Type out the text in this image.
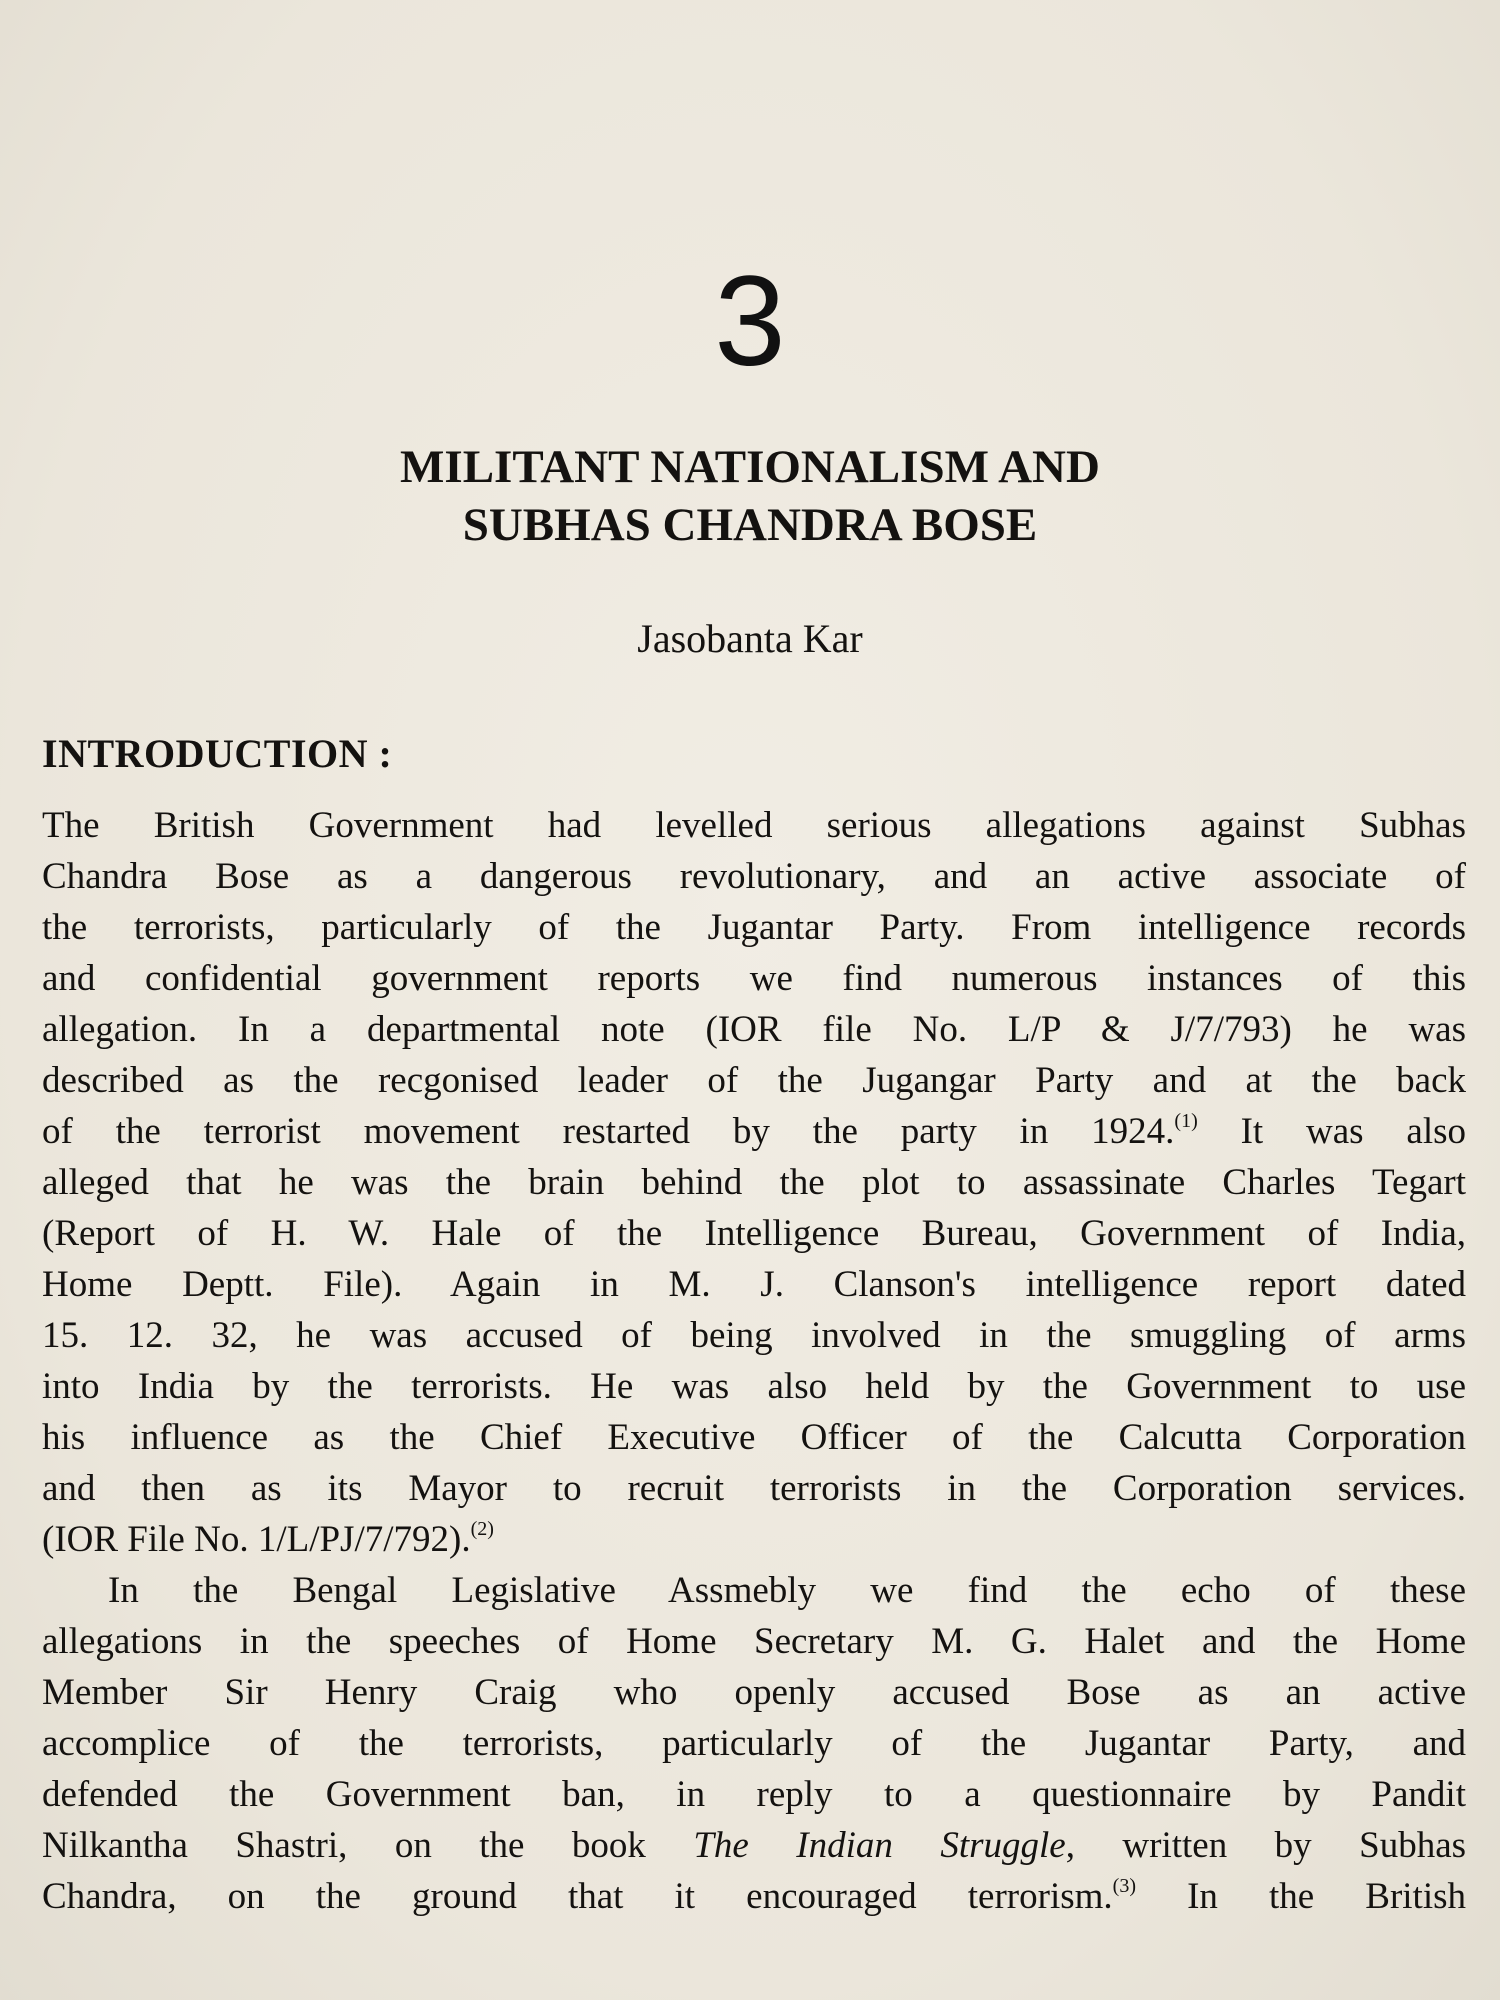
3
MILITANT NATIONALISM AND
SUBHAS CHANDRA BOSE
Jasobanta Kar
INTRODUCTION :
The British Government had levelled serious allegations against Subhas
Chandra Bose as a dangerous revolutionary, and an active associate of
the terrorists, particularly of the Jugantar Party. From intelligence records
and confidential government reports we find numerous instances of this
allegation. In a departmental note (IOR file No. L/P & J/7/793) he was
described as the recgonised leader of the Jugangar Party and at the back
of the terrorist movement restarted by the party in 1924.$^{(1)}$ It was also
alleged that he was the brain behind the plot to assassinate Charles Tegart
(Report of H. W. Hale of the Intelligence Bureau, Government of India,
Home Deptt. File). Again in M. J. Clanson's intelligence report dated
15. 12. 32, he was accused of being involved in the smuggling of arms
into India by the terrorists. He was also held by the Government to use
his influence as the Chief Executive Officer of the Calcutta Corporation
and then as its Mayor to recruit terrorists in the Corporation services.
(IOR File No. 1/L/PJ/7/792).$^{(2)}$
In the Bengal Legislative Assmebly we find the echo of these
allegations in the speeches of Home Secretary M. G. Halet and the Home
Member Sir Henry Craig who openly accused Bose as an active
accomplice of the terrorists, particularly of the Jugantar Party, and
defended the Government ban, in reply to a questionnaire by Pandit
Nilkantha Shastri, on the book The Indian Struggle, written by Subhas
Chandra, on the ground that it encouraged terrorism.$^{(3)}$ In the British
